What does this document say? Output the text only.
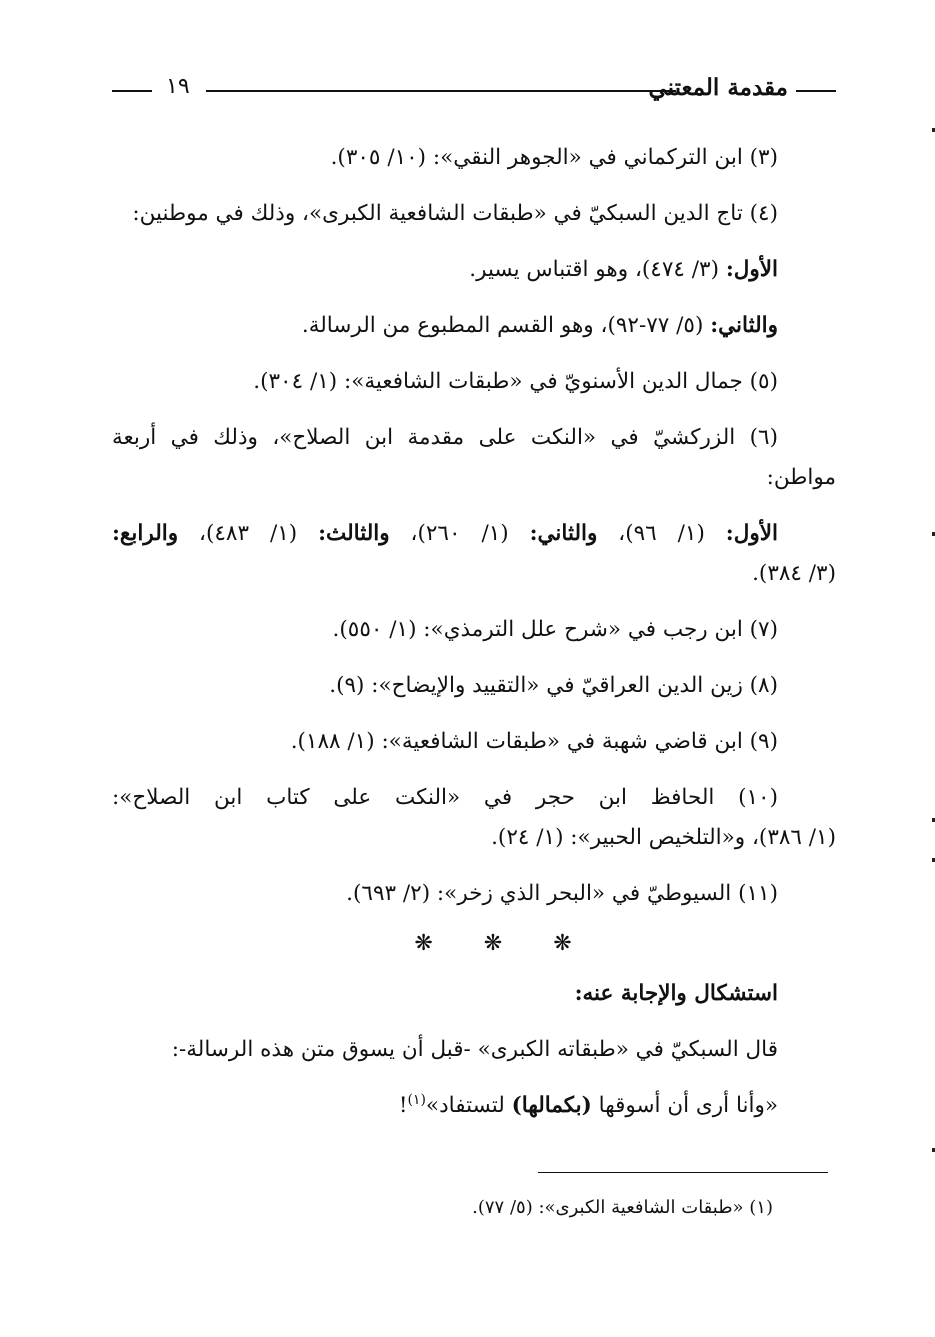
مقدمة المعتني
١٩
(٣) ابن التركماني في «الجوهر النقي»: (١٠/ ٣٠٥).
(٤) تاج الدين السبكيّ في «طبقات الشافعية الكبرى»، وذلك في موطنين:
الأول: (٣/ ٤٧٤)، وهو اقتباس يسير.
والثاني: (٥/ ٧٧-٩٢)، وهو القسم المطبوع من الرسالة.
(٥) جمال الدين الأسنويّ في «طبقات الشافعية»: (١/ ٣٠٤).
(٦) الزركشيّ في «النكت على مقدمة ابن الصلاح»، وذلك في أربعة
مواطن:
الأول: (١/ ٩٦)، والثاني: (١/ ٢٦٠)، والثالث: (١/ ٤٨٣)، والرابع:
(٣/ ٣٨٤).
(٧) ابن رجب في «شرح علل الترمذي»: (١/ ٥٥٠).
(٨) زين الدين العراقيّ في «التقييد والإيضاح»: (٩).
(٩) ابن قاضي شهبة في «طبقات الشافعية»: (١/ ١٨٨).
(١٠) الحافظ ابن حجر في «النكت على كتاب ابن الصلاح»:
(١/ ٣٨٦)، و«التلخيص الحبير»: (١/ ٢٤).
(١١) السيوطيّ في «البحر الذي زخر»: (٢/ ٦٩٣).
❋ ❋ ❋
استشكال والإجابة عنه:
قال السبكيّ في «طبقاته الكبرى» -قبل أن يسوق متن هذه الرسالة-:
«وأنا أرى أن أسوقها (بكمالها) لتستفاد»$^{(١)}$!
(١) «طبقات الشافعية الكبرى»: (٥/ ٧٧).
